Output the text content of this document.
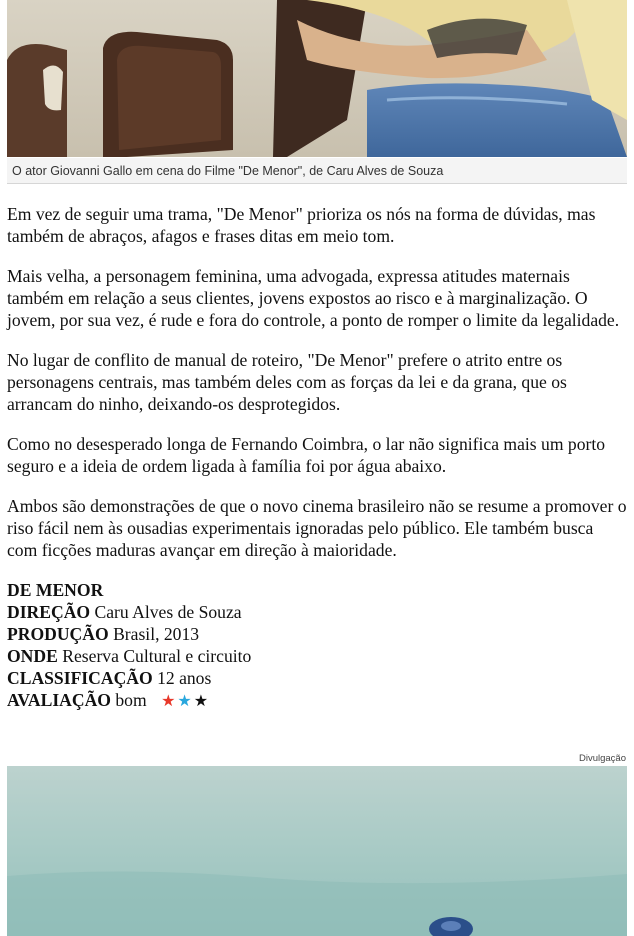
O ator Giovanni Gallo em cena do Filme "De Menor", de Caru Alves de Souza

Em vez de seguir uma trama, "De Menor" prioriza os nós na forma de dúvidas, mas também de abraços, afagos e frases ditas em meio tom.

Mais velha, a personagem feminina, uma advogada, expressa atitudes maternais também em relação a seus clientes, jovens expostos ao risco e à marginalização. O jovem, por sua vez, é rude e fora do controle, a ponto de romper o limite da legalidade.

No lugar de conflito de manual de roteiro, "De Menor" prefere o atrito entre os personagens centrais, mas também deles com as forças da lei e da grana, que os arrancam do ninho, deixando-os desprotegidos.

Como no desesperado longa de Fernando Coimbra, o lar não significa mais um porto seguro e a ideia de ordem ligada à família foi por água abaixo.

Ambos são demonstrações de que o novo cinema brasileiro não se resume a promover o riso fácil nem às ousadias experimentais ignoradas pelo público. Ele também busca com ficções maduras avançar em direção à maioridade.

DE MENOR
DIREÇÃO Caru Alves de Souza
PRODUÇÃO Brasil, 2013
ONDE Reserva Cultural e circuito
CLASSIFICAÇÃO 12 anos
AVALIAÇÃO bom ★★★
Divulgação
